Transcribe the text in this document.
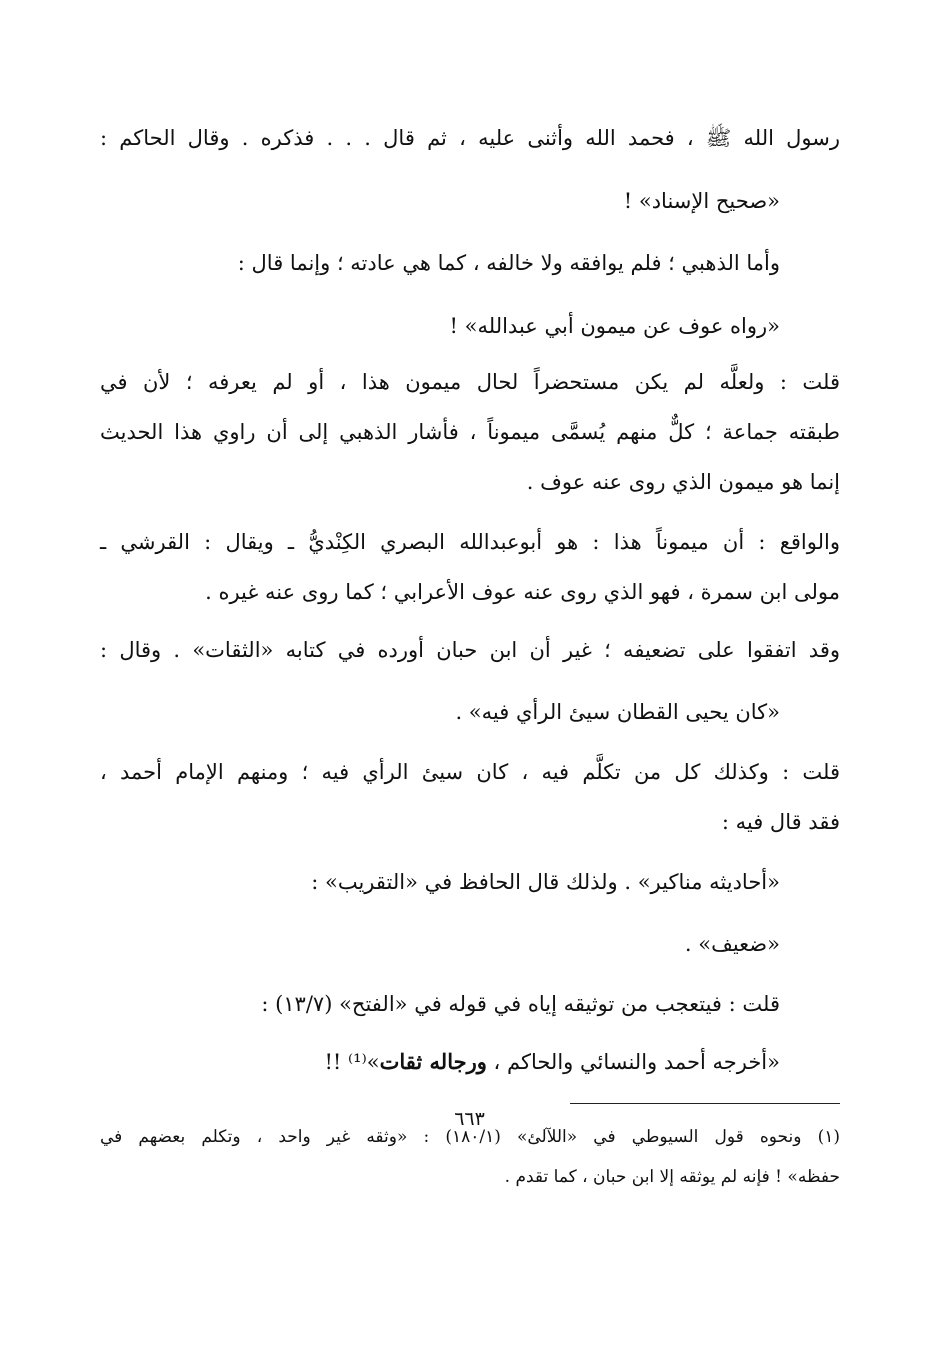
رسول الله ﷺ ، فحمد الله وأثنى عليه ، ثم قال . . . فذكره . وقال الحاكم :
«صحيح الإسناد» !
وأما الذهبي ؛ فلم يوافقه ولا خالفه ، كما هي عادته ؛ وإنما قال :
«رواه عوف عن ميمون أبي عبدالله» !
قلت : ولعلَّه لم يكن مستحضراً لحال ميمون هذا ، أو لم يعرفه ؛ لأن في
طبقته جماعة ؛ كلٌّ منهم يُسمَّى ميموناً ، فأشار الذهبي إلى أن راوي هذا الحديث
إنما هو ميمون الذي روى عنه عوف .
والواقع : أن ميموناً هذا : هو أبوعبدالله البصري الكِنْديُّ ـ ويقال : القرشي ـ
مولى ابن سمرة ، فهو الذي روى عنه عوف الأعرابي ؛ كما روى عنه غيره .
وقد اتفقوا على تضعيفه ؛ غير أن ابن حبان أورده في كتابه «الثقات» . وقال :
«كان يحيى القطان سيئ الرأي فيه» .
قلت : وكذلك كل من تكلَّم فيه ، كان سيئ الرأي فيه ؛ ومنهم الإمام أحمد ،
فقد قال فيه :
«أحاديثه مناكير» . ولذلك قال الحافظ في «التقريب» :
«ضعيف» .
قلت : فيتعجب من توثيقه إياه في قوله في «الفتح» (١٣/٧) :
«أخرجه أحمد والنسائي والحاكم ، ورجاله ثقات»⁽¹⁾ !!
(١) ونحوه قول السيوطي في «اللآلئ» (١٨٠/١) : «وثقه غير واحد ، وتكلم بعضهم في
حفظه» ! فإنه لم يوثقه إلا ابن حبان ، كما تقدم .
٦٦٣
